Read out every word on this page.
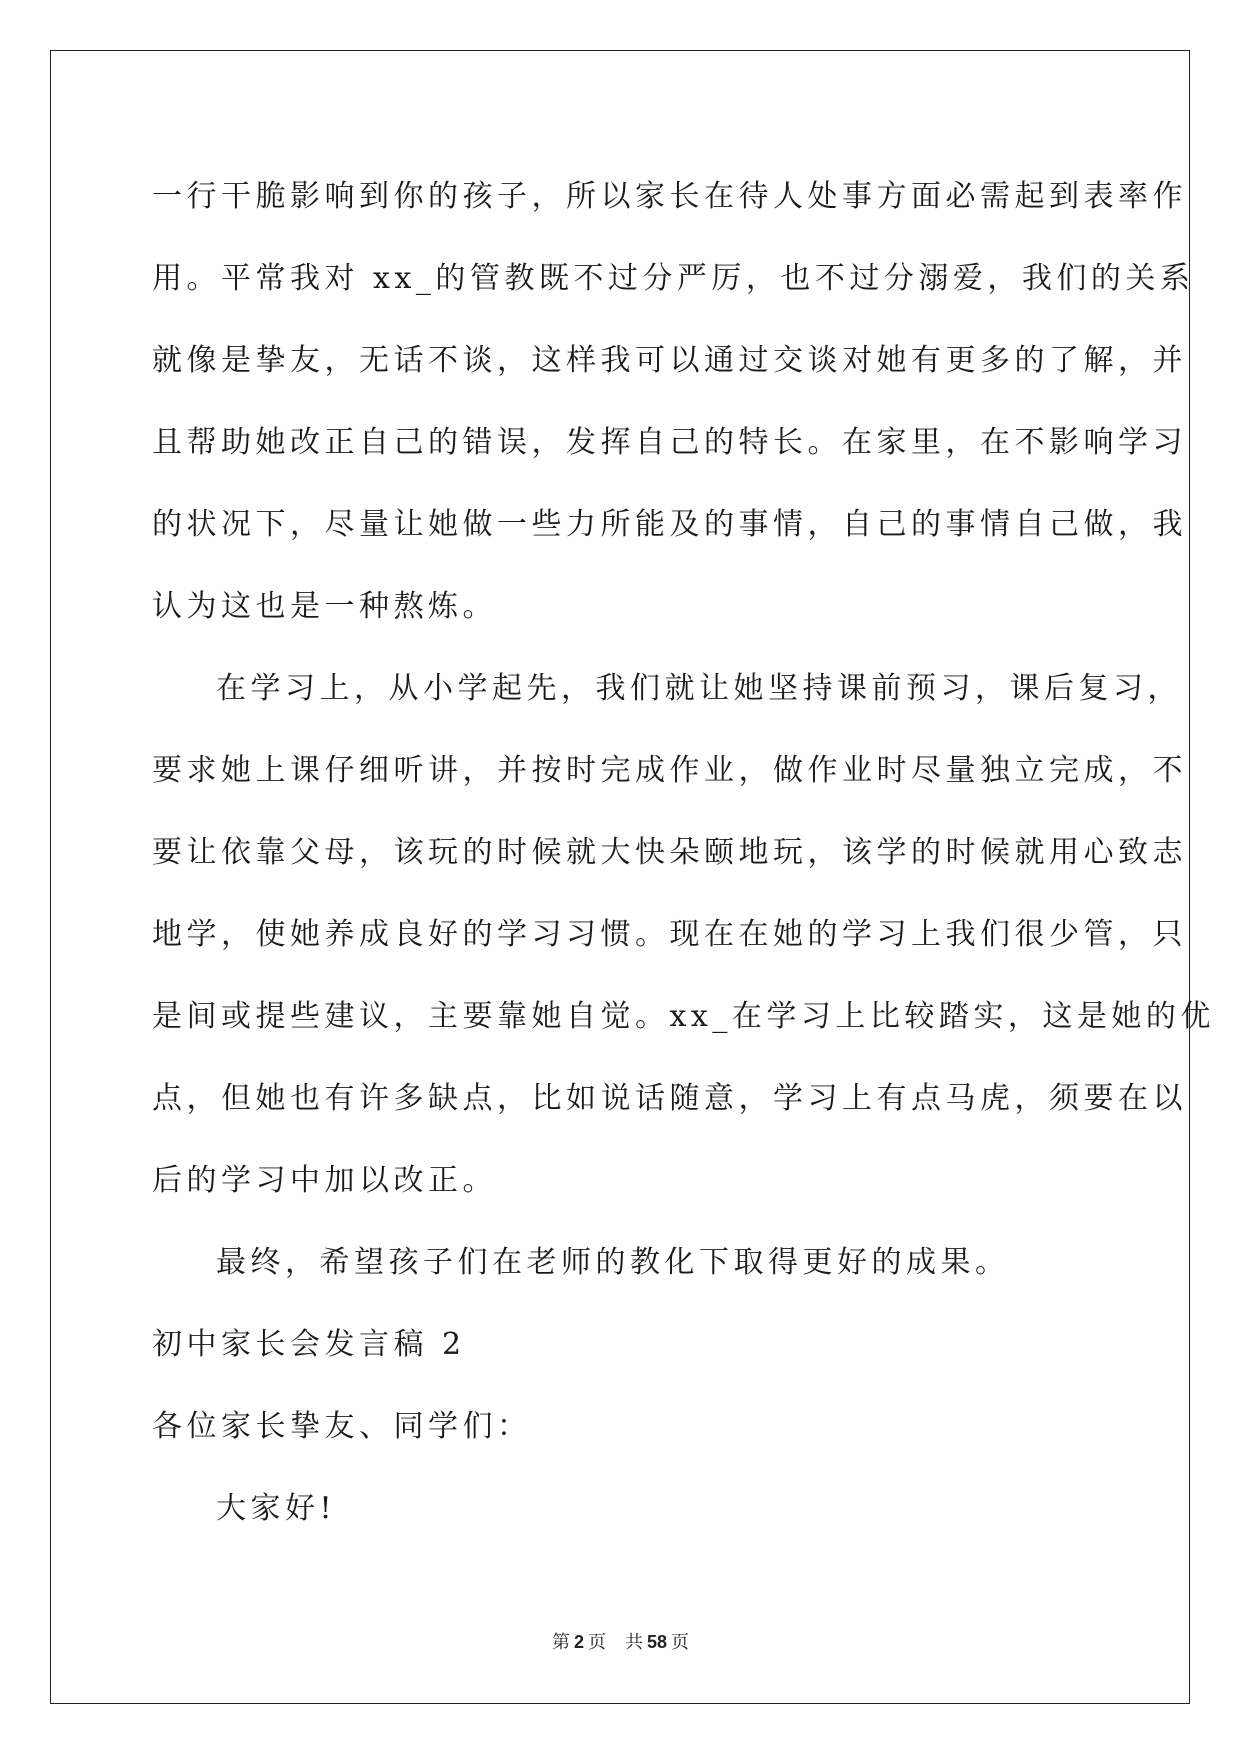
一行干脆影响到你的孩子，所以家长在待人处事方面必需起到表率作
用。平常我对 xx_的管教既不过分严厉，也不过分溺爱，我们的关系
就像是挚友，无话不谈，这样我可以通过交谈对她有更多的了解，并
且帮助她改正自己的错误，发挥自己的特长。在家里，在不影响学习
的状况下，尽量让她做一些力所能及的事情，自己的事情自己做，我
认为这也是一种熬炼。
在学习上，从小学起先，我们就让她坚持课前预习，课后复习，
要求她上课仔细听讲，并按时完成作业，做作业时尽量独立完成，不
要让依靠父母，该玩的时候就大快朵颐地玩，该学的时候就用心致志
地学，使她养成良好的学习习惯。现在在她的学习上我们很少管，只
是间或提些建议，主要靠她自觉。xx_在学习上比较踏实，这是她的优
点，但她也有许多缺点，比如说话随意，学习上有点马虎，须要在以
后的学习中加以改正。
最终，希望孩子们在老师的教化下取得更好的成果。
初中家长会发言稿 2
各位家长挚友、同学们：
大家好!
第 2 页 共 58 页
